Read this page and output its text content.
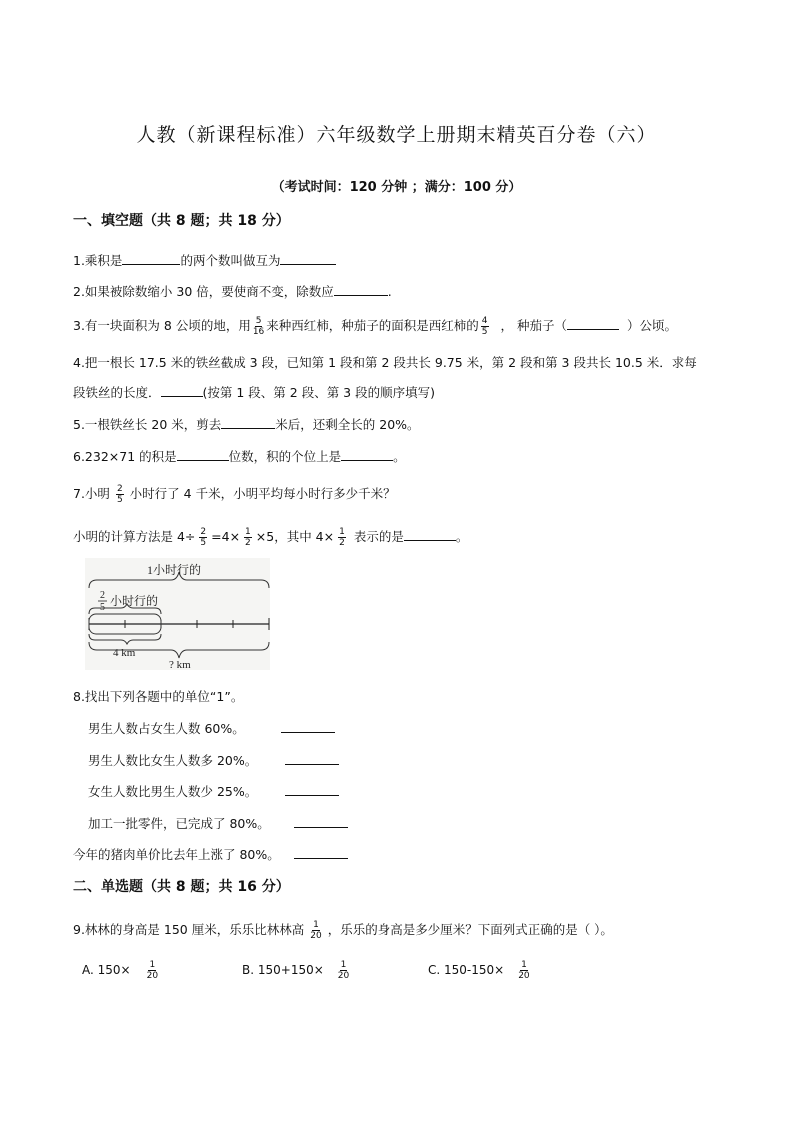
人教（新课程标准）六年级数学上册期末精英百分卷（六）
（考试时间：120 分钟 ；满分：100 分）
一、填空题（共 8 题；共 18 分）
1.乘积是	的两个数叫做互为
2.如果被除数缩小 30 倍，要使商不变，除数应	.
3.有一块面积为 8 公顷的地，用 $\frac{5}{16}$ 来种西红柿，种茄子的面积是西红柿的 $\frac{4}{5}$ ， 种茄子（	）公顷。
4.把一根长 17.5 米的铁丝截成 3 段，已知第 1 段和第 2 段共长 9.75 米，第 2 段和第 3 段共长 10.5 米．求每
段铁丝的长度．	(按第 1 段、第 2 段、第 3 段的顺序填写)
5.一根铁丝长 20 米，剪去	米后，还剩全长的 20%。
6.232×71 的积是	位数，积的个位上是	。
7.小明 $\frac{2}{5}$ 小时行了 4 千米，小明平均每小时行多少千米？
小明的计算方法是 $4\div \frac{2}{5} =4\times \frac{1}{2} \times 5$，其中 $4\times \frac{1}{2}$ 表示的是	。
1小时行的
2
5 小时行的
4 km
? km
8.找出下列各题中的单位“1”。
男生人数占女生人数 60%。
男生人数比女生人数多 20%。
女生人数比男生人数少 25%。
加工一批零件，已完成了 80%。
今年的猪肉单价比去年上涨了 80%。
二、单选题（共 8 题；共 16 分）
9.林林的身高是 150 厘米，乐乐比林林高 $\frac{1}{20}$ ，乐乐的身高是多少厘米？下面列式正确的是（ ）。
A. $150\times \frac{1}{20}$	B. $150+150\times \frac{1}{20}$	C. $150-150\times \frac{1}{20}$
